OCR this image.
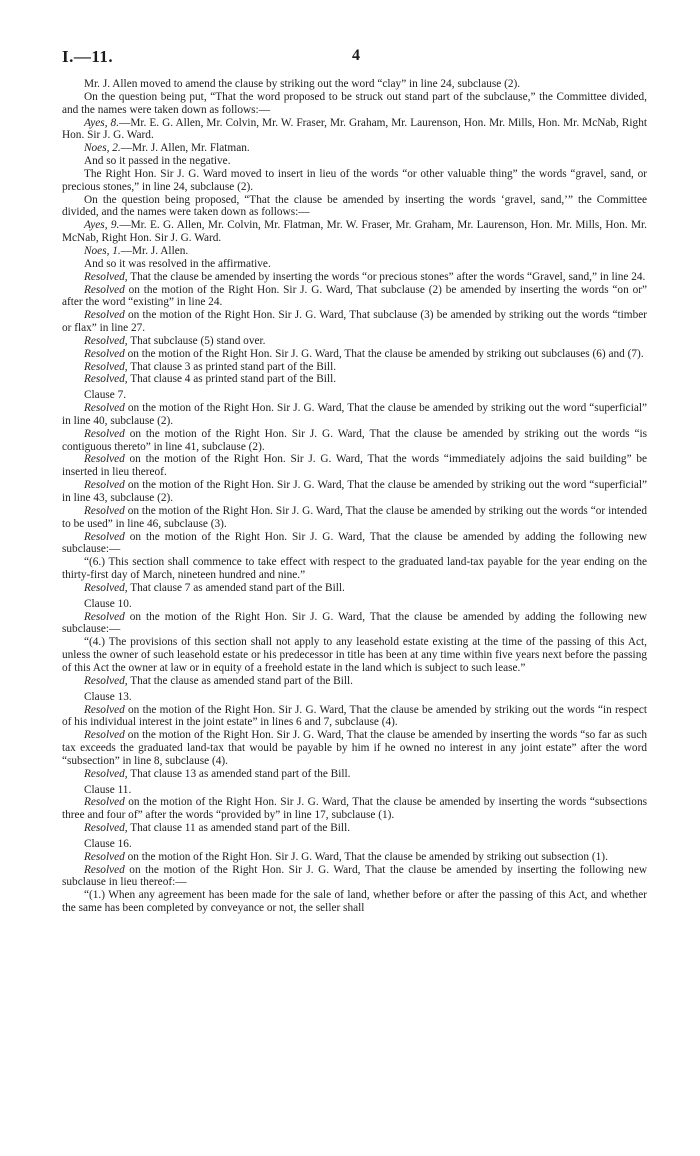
I.—11.	4

Mr. J. Allen moved to amend the clause by striking out the word “clay” in line 24, subclause (2).

On the question being put, “That the word proposed to be struck out stand part of the subclause,” the Committee divided, and the names were taken down as follows:—

Ayes, 8.—Mr. E. G. Allen, Mr. Colvin, Mr. W. Fraser, Mr. Graham, Mr. Laurenson, Hon. Mr. Mills, Hon. Mr. McNab, Right Hon. Sir J. G. Ward.

Noes, 2.—Mr. J. Allen, Mr. Flatman.

And so it passed in the negative.

The Right Hon. Sir J. G. Ward moved to insert in lieu of the words “or other valuable thing” the words “gravel, sand, or precious stones,” in line 24, subclause (2).

On the question being proposed, “That the clause be amended by inserting the words ‘gravel, sand,’” the Committee divided, and the names were taken down as follows:—

Ayes, 9.—Mr. E. G. Allen, Mr. Colvin, Mr. Flatman, Mr. W. Fraser, Mr. Graham, Mr. Laurenson, Hon. Mr. Mills, Hon. Mr. McNab, Right Hon. Sir J. G. Ward.

Noes, 1.—Mr. J. Allen.

And so it was resolved in the affirmative.

Resolved, That the clause be amended by inserting the words “or precious stones” after the words “Gravel, sand,” in line 24.

Resolved on the motion of the Right Hon. Sir J. G. Ward, That subclause (2) be amended by inserting the words “on or” after the word “existing” in line 24.

Resolved on the motion of the Right Hon. Sir J. G. Ward, That subclause (3) be amended by striking out the words “timber or flax” in line 27.

Resolved, That subclause (5) stand over.

Resolved on the motion of the Right Hon. Sir J. G. Ward, That the clause be amended by striking out subclauses (6) and (7).

Resolved, That clause 3 as printed stand part of the Bill.

Resolved, That clause 4 as printed stand part of the Bill.

Clause 7.

Resolved on the motion of the Right Hon. Sir J. G. Ward, That the clause be amended by striking out the word “superficial” in line 40, subclause (2).

Resolved on the motion of the Right Hon. Sir J. G. Ward, That the clause be amended by striking out the words “is contiguous thereto” in line 41, subclause (2).

Resolved on the motion of the Right Hon. Sir J. G. Ward, That the words “immediately adjoins the said building” be inserted in lieu thereof.

Resolved on the motion of the Right Hon. Sir J. G. Ward, That the clause be amended by striking out the word “superficial” in line 43, subclause (2).

Resolved on the motion of the Right Hon. Sir J. G. Ward, That the clause be amended by striking out the words “or intended to be used” in line 46, subclause (3).

Resolved on the motion of the Right Hon. Sir J. G. Ward, That the clause be amended by adding the following new subclause:—

“(6.) This section shall commence to take effect with respect to the graduated land-tax payable for the year ending on the thirty-first day of March, nineteen hundred and nine.”

Resolved, That clause 7 as amended stand part of the Bill.

Clause 10.

Resolved on the motion of the Right Hon. Sir J. G. Ward, That the clause be amended by adding the following new subclause:—

“(4.) The provisions of this section shall not apply to any leasehold estate existing at the time of the passing of this Act, unless the owner of such leasehold estate or his predecessor in title has been at any time within five years next before the passing of this Act the owner at law or in equity of a freehold estate in the land which is subject to such lease.”

Resolved, That the clause as amended stand part of the Bill.

Clause 13.

Resolved on the motion of the Right Hon. Sir J. G. Ward, That the clause be amended by striking out the words “in respect of his individual interest in the joint estate” in lines 6 and 7, subclause (4).

Resolved on the motion of the Right Hon. Sir J. G. Ward, That the clause be amended by inserting the words “so far as such tax exceeds the graduated land-tax that would be payable by him if he owned no interest in any joint estate” after the word “subsection” in line 8, subclause (4).

Resolved, That clause 13 as amended stand part of the Bill.

Clause 11.

Resolved on the motion of the Right Hon. Sir J. G. Ward, That the clause be amended by inserting the words “subsections three and four of” after the words “provided by” in line 17, subclause (1).

Resolved, That clause 11 as amended stand part of the Bill.

Clause 16.

Resolved on the motion of the Right Hon. Sir J. G. Ward, That the clause be amended by striking out subsection (1).

Resolved on the motion of the Right Hon. Sir J. G. Ward, That the clause be amended by inserting the following new subclause in lieu thereof:—

“(1.) When any agreement has been made for the sale of land, whether before or after the passing of this Act, and whether the same has been completed by conveyance or not, the seller shall
